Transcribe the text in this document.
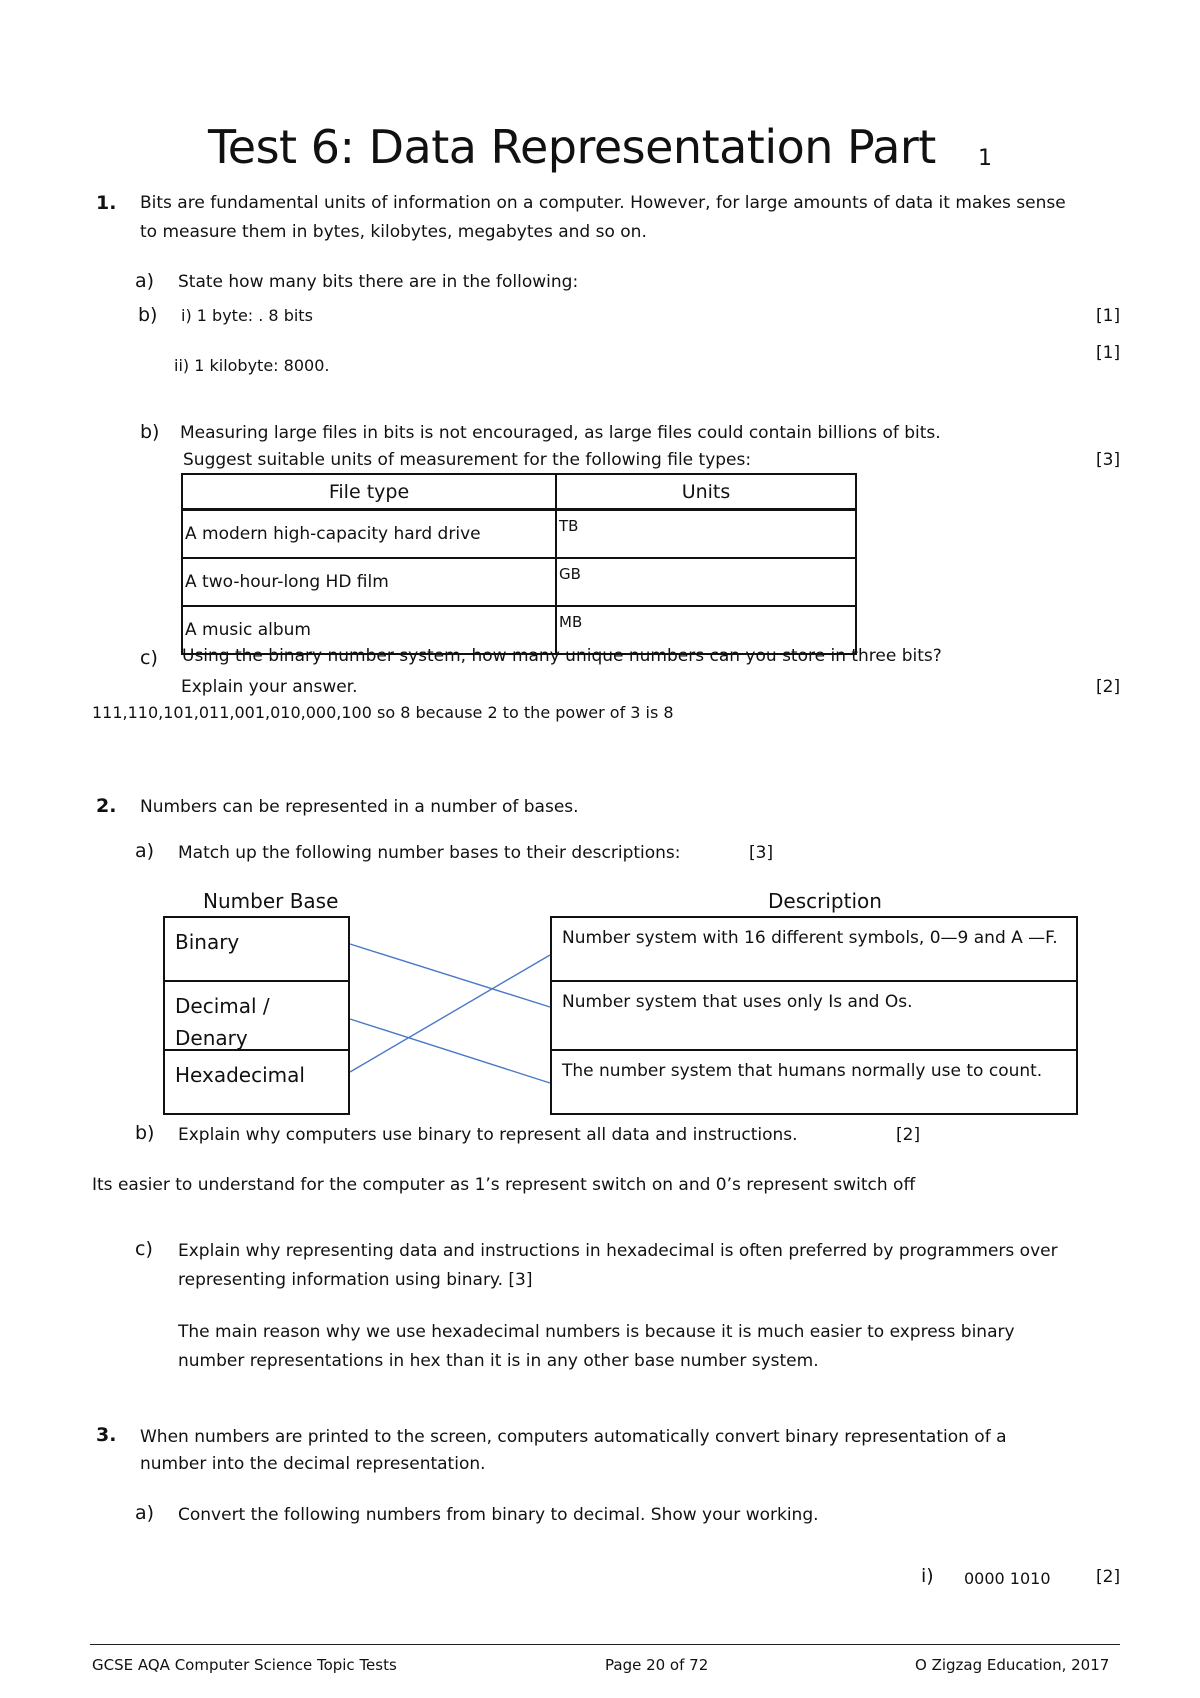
Test 6: Data Representation Part 1
1. Bits are fundamental units of information on a computer. However, for large amounts of data it makes sense
to measure them in bytes, kilobytes, megabytes and so on.
a) State how many bits there are in the following:
b) i) 1 byte: . 8 bits	[1]
ii) 1 kilobyte: 8000.
[1]
b) Measuring large files in bits is not encouraged, as large files could contain billions of bits.
Suggest suitable units of measurement for the following file types:	[3]
File type	Units
A modern high-capacity hard drive	TB
A two-hour-long HD film	GB
A music album	MB
c) Using the binary number system, how many unique numbers can you store in three bits?
Explain your answer.	[2]
111,110,101,011,001,010,000,100 so 8 because 2 to the power of 3 is 8
2. Numbers can be represented in a number of bases.
a) Match up the following number bases to their descriptions:	[3]
Number Base	Description
Binary
Decimal / Denary
Hexadecimal
Number system with 16 different symbols, 0—9 and A —F.
Number system that uses only Is and Os.
The number system that humans normally use to count.
b) Explain why computers use binary to represent all data and instructions.	[2]
Its easier to understand for the computer as 1’s represent switch on and 0’s represent switch off
c) Explain why representing data and instructions in hexadecimal is often preferred by programmers over
representing information using binary. [3]
The main reason why we use hexadecimal numbers is because it is much easier to express binary
number representations in hex than it is in any other base number system.
3. When numbers are printed to the screen, computers automatically convert binary representation of a
number into the decimal representation.
a) Convert the following numbers from binary to decimal. Show your working.
i) 0000 1010	[2]
GCSE AQA Computer Science Topic Tests	Page 20 of 72	O Zigzag Education, 2017
